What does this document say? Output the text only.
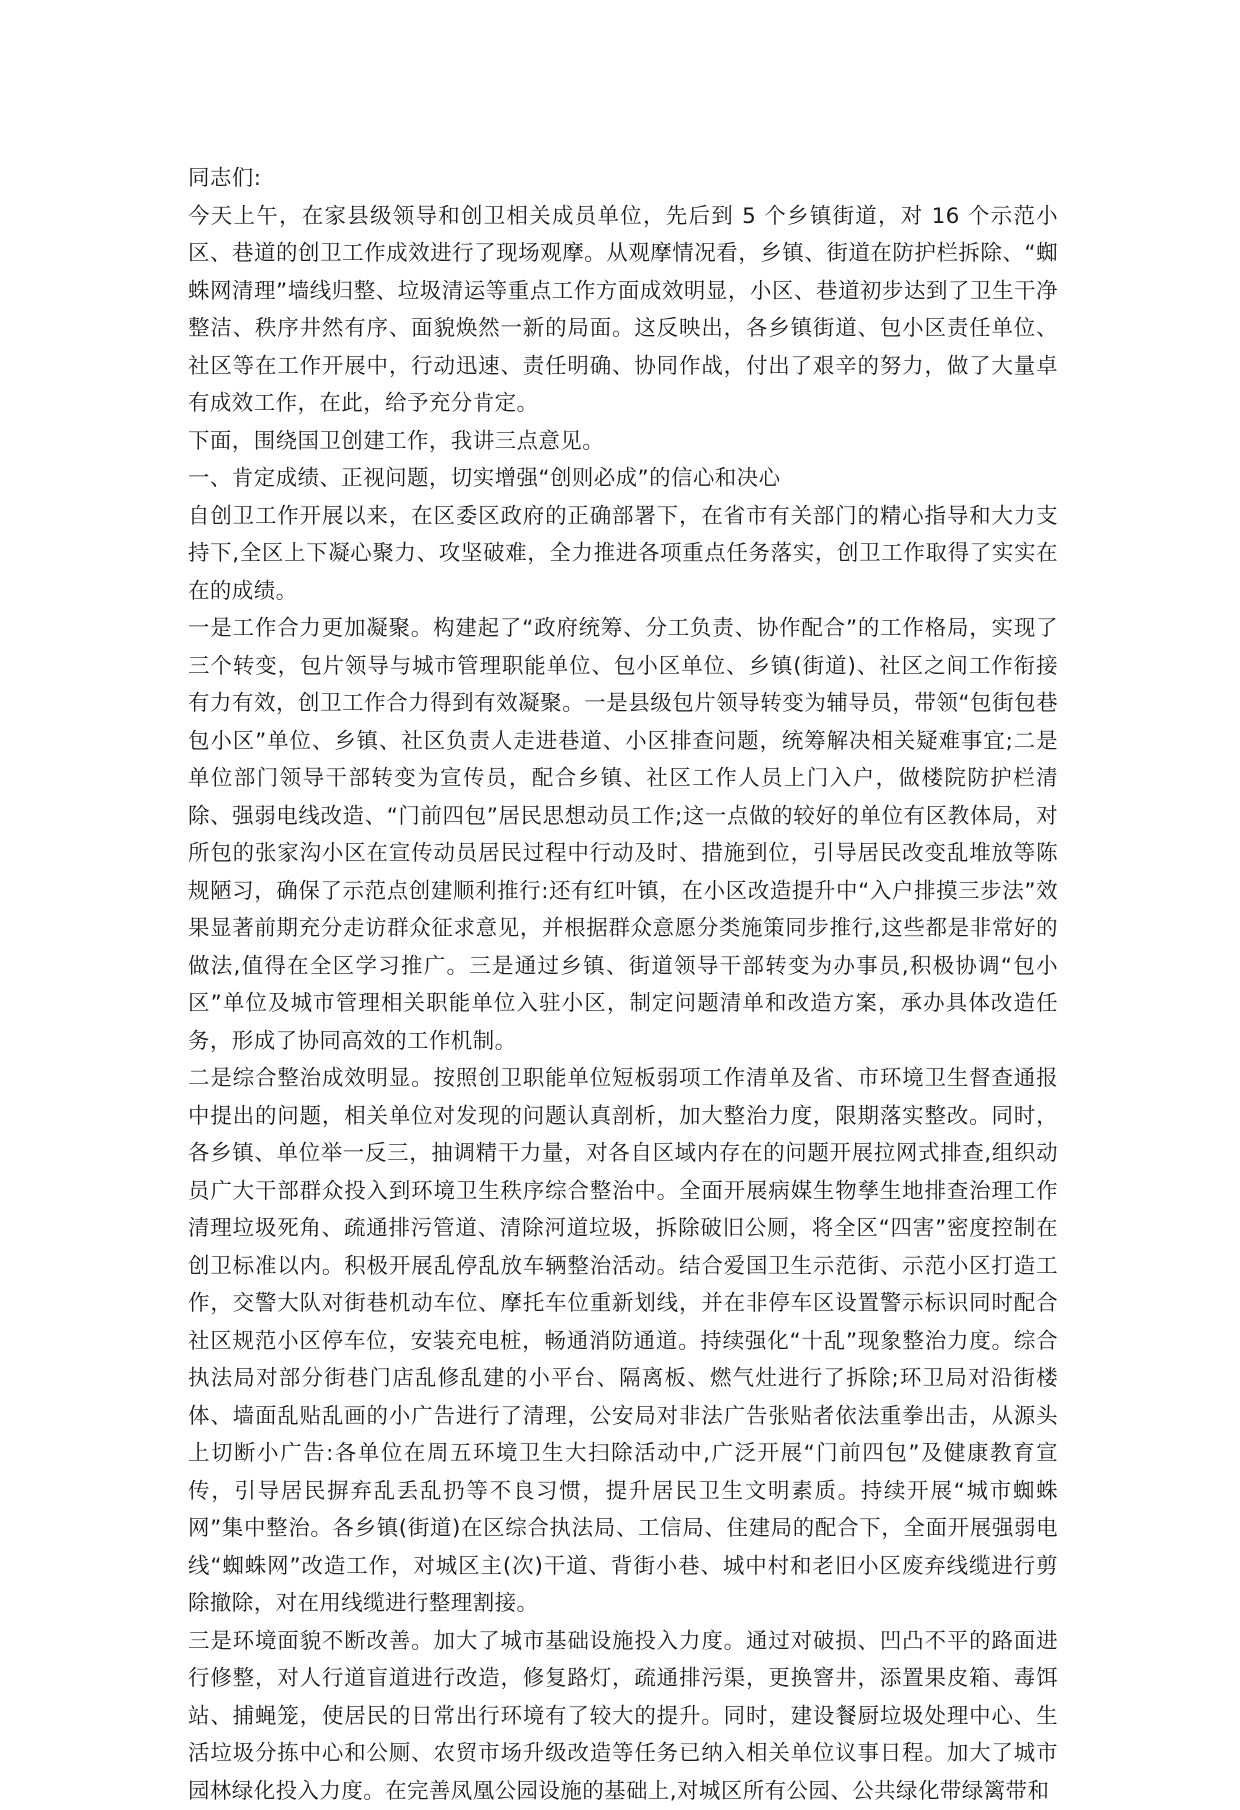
同志们:

今天上午，在家县级领导和创卫相关成员单位，先后到 5 个乡镇街道，对 16 个示范小区、巷道的创卫工作成效进行了现场观摩。从观摩情况看，乡镇、街道在防护栏拆除、“蜘蛛网清理”墙线归整、垃圾清运等重点工作方面成效明显，小区、巷道初步达到了卫生干净整洁、秩序井然有序、面貌焕然一新的局面。这反映出，各乡镇街道、包小区责任单位、社区等在工作开展中，行动迅速、责任明确、协同作战，付出了艰辛的努力，做了大量卓有成效工作，在此，给予充分肯定。

下面，围绕国卫创建工作，我讲三点意见。

一、肯定成绩、正视问题，切实增强“创则必成”的信心和决心

自创卫工作开展以来，在区委区政府的正确部署下，在省市有关部门的精心指导和大力支持下,全区上下凝心聚力、攻坚破难，全力推进各项重点任务落实，创卫工作取得了实实在在的成绩。

一是工作合力更加凝聚。构建起了“政府统筹、分工负责、协作配合”的工作格局，实现了三个转变，包片领导与城市管理职能单位、包小区单位、乡镇(街道)、社区之间工作衔接有力有效，创卫工作合力得到有效凝聚。一是县级包片领导转变为辅导员，带领“包街包巷包小区”单位、乡镇、社区负责人走进巷道、小区排查问题，统筹解决相关疑难事宜;二是单位部门领导干部转变为宣传员，配合乡镇、社区工作人员上门入户，做楼院防护栏清除、强弱电线改造、“门前四包”居民思想动员工作;这一点做的较好的单位有区教体局，对所包的张家沟小区在宣传动员居民过程中行动及时、措施到位，引导居民改变乱堆放等陈规陋习，确保了示范点创建顺利推行:还有红叶镇，在小区改造提升中“入户排摸三步法”效果显著前期充分走访群众征求意见，并根据群众意愿分类施策同步推行,这些都是非常好的做法,值得在全区学习推广。三是通过乡镇、街道领导干部转变为办事员,积极协调“包小区”单位及城市管理相关职能单位入驻小区，制定问题清单和改造方案，承办具体改造任务，形成了协同高效的工作机制。

二是综合整治成效明显。按照创卫职能单位短板弱项工作清单及省、市环境卫生督查通报中提出的问题，相关单位对发现的问题认真剖析，加大整治力度，限期落实整改。同时，各乡镇、单位举一反三，抽调精干力量，对各自区域内存在的问题开展拉网式排查,组织动员广大干部群众投入到环境卫生秩序综合整治中。全面开展病媒生物孳生地排查治理工作清理垃圾死角、疏通排污管道、清除河道垃圾，拆除破旧公厕，将全区“四害”密度控制在创卫标准以内。积极开展乱停乱放车辆整治活动。结合爱国卫生示范街、示范小区打造工作，交警大队对街巷机动车位、摩托车位重新划线，并在非停车区设置警示标识同时配合社区规范小区停车位，安装充电桩，畅通消防通道。持续强化“十乱”现象整治力度。综合执法局对部分街巷门店乱修乱建的小平台、隔离板、燃气灶进行了拆除;环卫局对沿街楼体、墙面乱贴乱画的小广告进行了清理，公安局对非法广告张贴者依法重拳出击，从源头上切断小广告:各单位在周五环境卫生大扫除活动中,广泛开展“门前四包”及健康教育宣传，引导居民摒弃乱丢乱扔等不良习惯，提升居民卫生文明素质。持续开展“城市蜘蛛网”集中整治。各乡镇(街道)在区综合执法局、工信局、住建局的配合下，全面开展强弱电线“蜘蛛网”改造工作，对城区主(次)干道、背街小巷、城中村和老旧小区废弃线缆进行剪除撤除，对在用线缆进行整理割接。

三是环境面貌不断改善。加大了城市基础设施投入力度。通过对破损、凹凸不平的路面进行修整，对人行道盲道进行改造，修复路灯，疏通排污渠，更换窨井，添置果皮箱、毒饵站、捕蝇笼，使居民的日常出行环境有了较大的提升。同时，建设餐厨垃圾处理中心、生活垃圾分拣中心和公厕、农贸市场升级改造等任务已纳入相关单位议事日程。加大了城市园林绿化投入力度。在完善凤凰公园设施的基础上,对城区所有公园、公共绿化带绿篱带和
